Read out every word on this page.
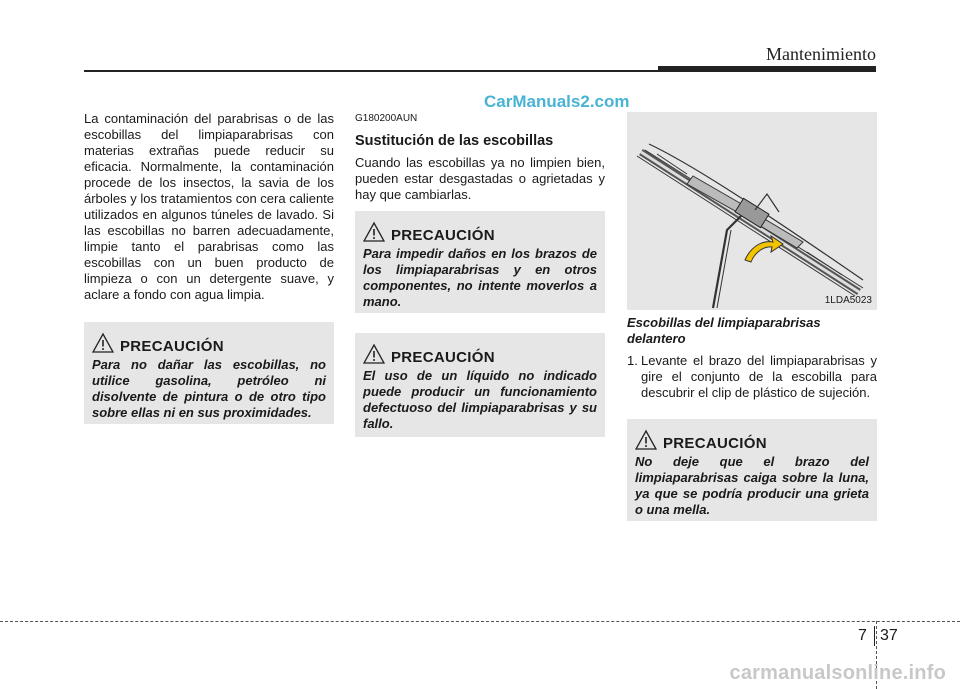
Mantenimiento
CarManuals2.com

La contaminación del parabrisas o de las escobillas del limpiaparabrisas con materias extrañas puede reducir su eficacia. Normalmente, la contaminación procede de los insectos, la savia de los árboles y los tratamientos con cera caliente utilizados en algunos túneles de lavado. Si las escobillas no barren adecuadamente, limpie tanto el parabrisas como las escobillas con un buen producto de limpieza o con un detergente suave, y aclare a fondo con agua limpia.

PRECAUCIÓN
Para no dañar las escobillas, no utilice gasolina, petróleo ni disolvente de pintura o de otro tipo sobre ellas ni en sus proximidades.
G180200AUN
Sustitución de las escobillas

Cuando las escobillas ya no limpien bien, pueden estar desgastadas o agrietadas y hay que cambiarlas.

PRECAUCIÓN
Para impedir daños en los brazos de los limpiaparabrisas y en otros componentes, no intente moverlos a mano.
PRECAUCIÓN
El uso de un líquido no indicado puede producir un funcionamiento defectuoso del limpiaparabrisas y su fallo.
1LDA5023
Escobillas del limpiaparabrisas delantero
1. Levante el brazo del limpiaparabrisas y gire el conjunto de la escobilla para descubrir el clip de plástico de sujeción.
PRECAUCIÓN
No deje que el brazo del limpiaparabrisas caiga sobre la luna, ya que se podría producir una grieta o una mella.
7 37
carmanualsonline.info
